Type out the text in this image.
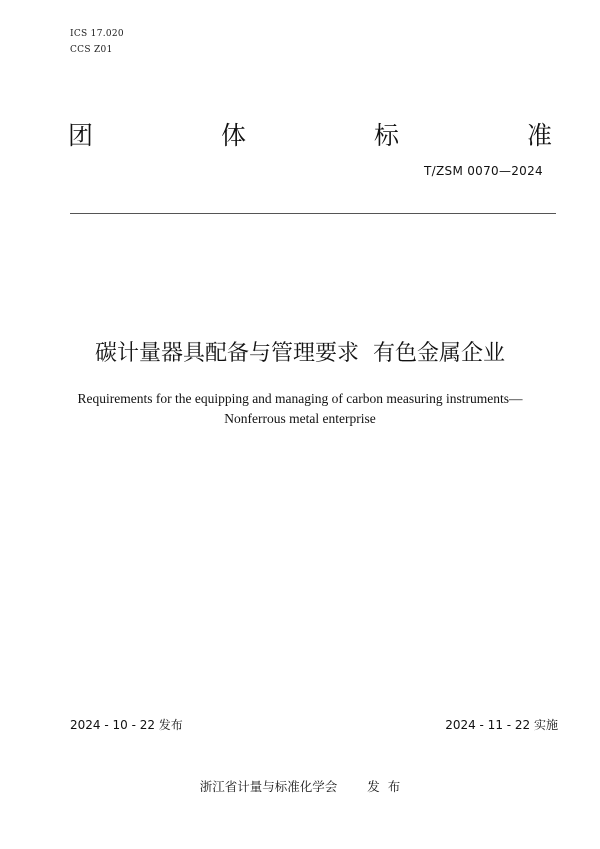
ICS 17.020
CCS Z01
团	体	标	准
T/ZSM 0070—2024
碳计量器具配备与管理要求  有色金属企业
Requirements for the equipping and managing of carbon measuring instruments—
Nonferrous metal enterprise
2024 - 10 - 22 发布	2024 - 11 - 22 实施
浙江省计量与标准化学会 发  布
